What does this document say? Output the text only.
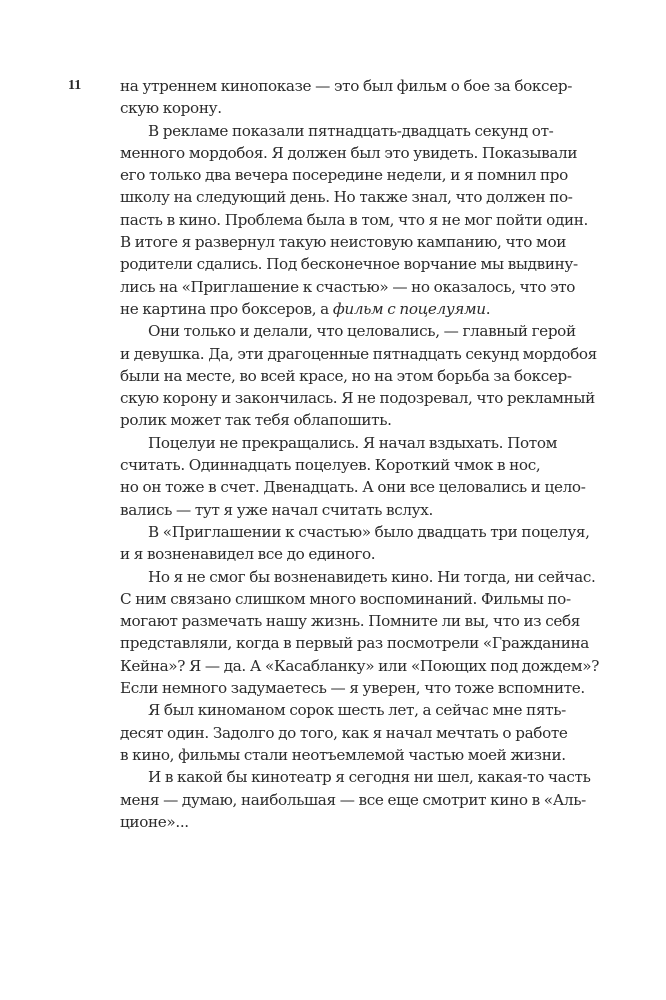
11	на утреннем кинопоказе — это был фильм о бое за боксер-
скую корону.
В рекламе показали пятнадцать-двадцать секунд от-
менного мордобоя. Я должен был это увидеть. Показывали
его только два вечера посередине недели, и я помнил про
школу на следующий день. Но также знал, что должен по-
пасть в кино. Проблема была в том, что я не мог пойти один.
В итоге я развернул такую неистовую кампанию, что мои
родители сдались. Под бесконечное ворчание мы выдвину-
лись на «Приглашение к счастью» — но оказалось, что это
не картина про боксеров, а фильм с поцелуями.
Они только и делали, что целовались, — главный герой
и девушка. Да, эти драгоценные пятнадцать секунд мордобоя
были на месте, во всей красе, но на этом борьба за боксер-
скую корону и закончилась. Я не подозревал, что рекламный
ролик может так тебя облапошить.
Поцелуи не прекращались. Я начал вздыхать. Потом
считать. Одиннадцать поцелуев. Короткий чмок в нос,
но он тоже в счет. Двенадцать. А они все целовались и цело-
вались — тут я уже начал считать вслух.
В «Приглашении к счастью» было двадцать три поцелуя,
и я возненавидел все до единого.
Но я не смог бы возненавидеть кино. Ни тогда, ни сейчас.
С ним связано слишком много воспоминаний. Фильмы по-
могают размечать нашу жизнь. Помните ли вы, что из себя
представляли, когда в первый раз посмотрели «Гражданина
Кейна»? Я — да. А «Касабланку» или «Поющих под дождем»?
Если немного задумаетесь — я уверен, что тоже вспомните.
Я был киноманом сорок шесть лет, а сейчас мне пять-
десят один. Задолго до того, как я начал мечтать о работе
в кино, фильмы стали неотъемлемой частью моей жизни.
И в какой бы кинотеатр я сегодня ни шел, какая-то часть
меня — думаю, наибольшая — все еще смотрит кино в «Аль-
ционе»...
